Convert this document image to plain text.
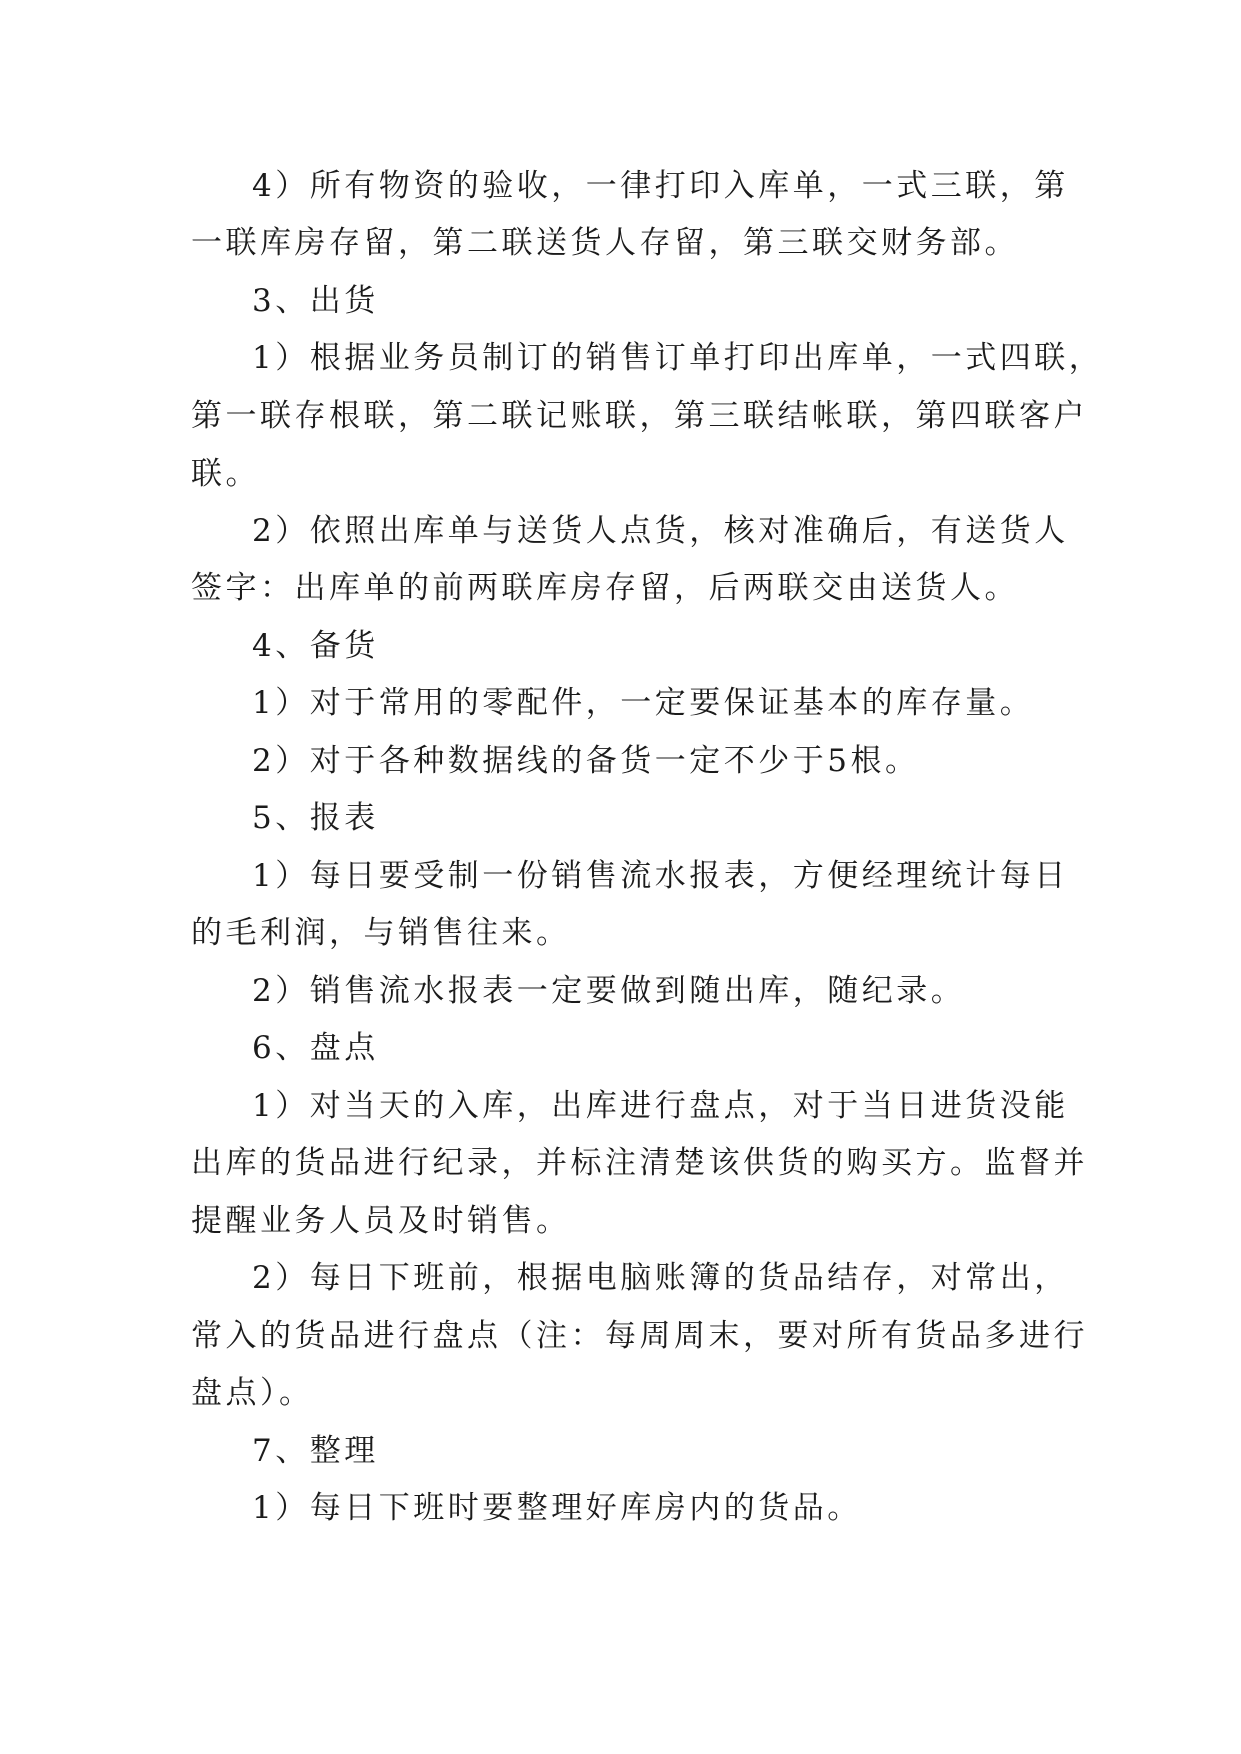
4）所有物资的验收，一律打印入库单，一式三联，第

一联库房存留，第二联送货人存留，第三联交财务部。

3、出货

1）根据业务员制订的销售订单打印出库单，一式四联，

第一联存根联，第二联记账联，第三联结帐联，第四联客户

联。

2）依照出库单与送货人点货，核对准确后，有送货人

签字：出库单的前两联库房存留，后两联交由送货人。

4、备货

1）对于常用的零配件，一定要保证基本的库存量。

2）对于各种数据线的备货一定不少于5根。

5、报表

1）每日要受制一份销售流水报表，方便经理统计每日

的毛利润，与销售往来。

2）销售流水报表一定要做到随出库，随纪录。

6、盘点

1）对当天的入库，出库进行盘点，对于当日进货没能

出库的货品进行纪录，并标注清楚该供货的购买方。监督并

提醒业务人员及时销售。

2）每日下班前，根据电脑账簿的货品结存，对常出，

常入的货品进行盘点（注：每周周末，要对所有货品多进行

盘点）。

7、整理

1）每日下班时要整理好库房内的货品。
